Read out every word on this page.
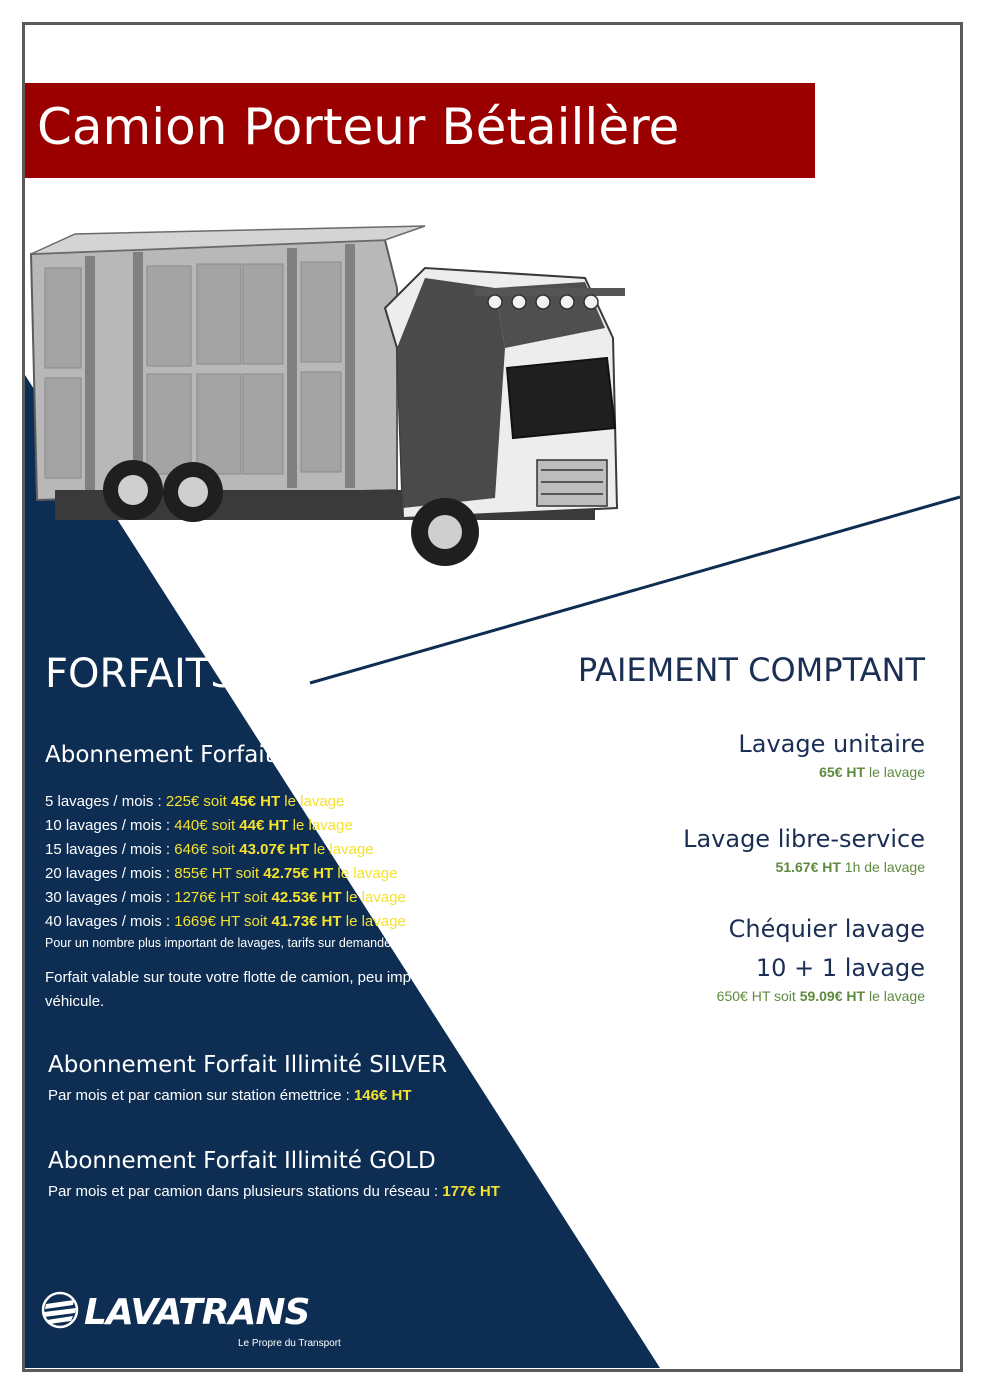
Camion Porteur Bétaillère
FORFAITS	PAIEMENT COMPTANT
Abonnement Forfait Pack
5 lavages / mois : 225€ soit 45€ HT le lavage
10 lavages / mois : 440€ soit 44€ HT le lavage
15 lavages / mois : 646€ soit 43.07€ HT le lavage
20 lavages / mois : 855€ HT soit 42.75€ HT le lavage
30 lavages / mois : 1276€ HT soit 42.53€ HT le lavage
40 lavages / mois : 1669€ HT soit 41.73€ HT le lavage
Pour un nombre plus important de lavages, tarifs sur demande.
Forfait valable sur toute votre flotte de camion, peu importe le type de véhicule.
Abonnement Forfait Illimité SILVER
Par mois et par camion sur station émettrice : 146€ HT
Abonnement Forfait Illimité GOLD
Par mois et par camion dans plusieurs stations du réseau : 177€ HT
Lavage unitaire
65€ HT le lavage
Lavage libre-service
51.67€ HT 1h de lavage
Chéquier lavage
10 + 1 lavage
650€ HT soit 59.09€ HT le lavage
LAVATRANS
Le Propre du Transport
